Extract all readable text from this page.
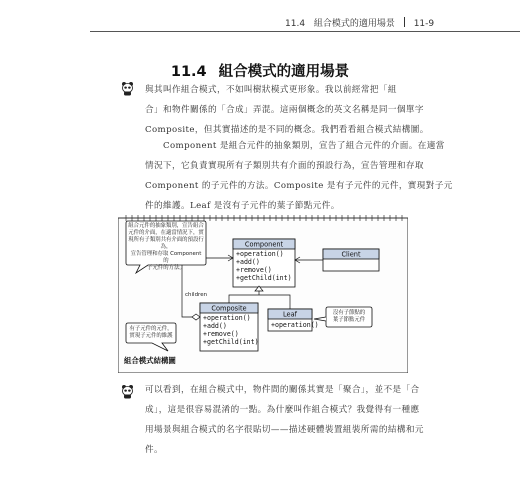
11.4 組合模式的適用場景 11-9
11.4 組合模式的適用場景
與其叫作組合模式，不如叫樹狀模式更形象。我以前經常把「組
合」和物件關係的「合成」弄混。這兩個概念的英文名稱是同一個單字
Composite，但其實描述的是不同的概念。我們看看組合模式結構圖。
Component 是組合元件的抽象類別，宣告了組合元件的介面。在適當
情況下，它負責實現所有子類別共有介面的預設行為，宣告管理和存取
Component 的子元件的方法。Composite 是有子元件的元件，實現對子元
件的維護。Leaf 是沒有子元件的葉子節點元件。
Component
+operation()
+add()
+remove()
+getChild(int)
Client
Composite
+operation()
+add()
+remove()
+getChild(int)
Leaf
+operation()
組合元件的抽象類別，宣告組合
元件的介面，在適當情況下，實
現所有子類別共有介面的預設行為，
宣告管理和存取 Component 的
子元件的方法。
有子元件的元件，
實現子元件的維護
沒有子節點的
葉子節點元件
children
組合模式結構圖
可以看到，在組合模式中，物件間的關係其實是「聚合」，並不是「合
成」，這是很容易混淆的一點。為什麼叫作組合模式？我覺得有一種應
用場景與組合模式的名字很貼切——描述硬體裝置組裝所需的結構和元
件。
